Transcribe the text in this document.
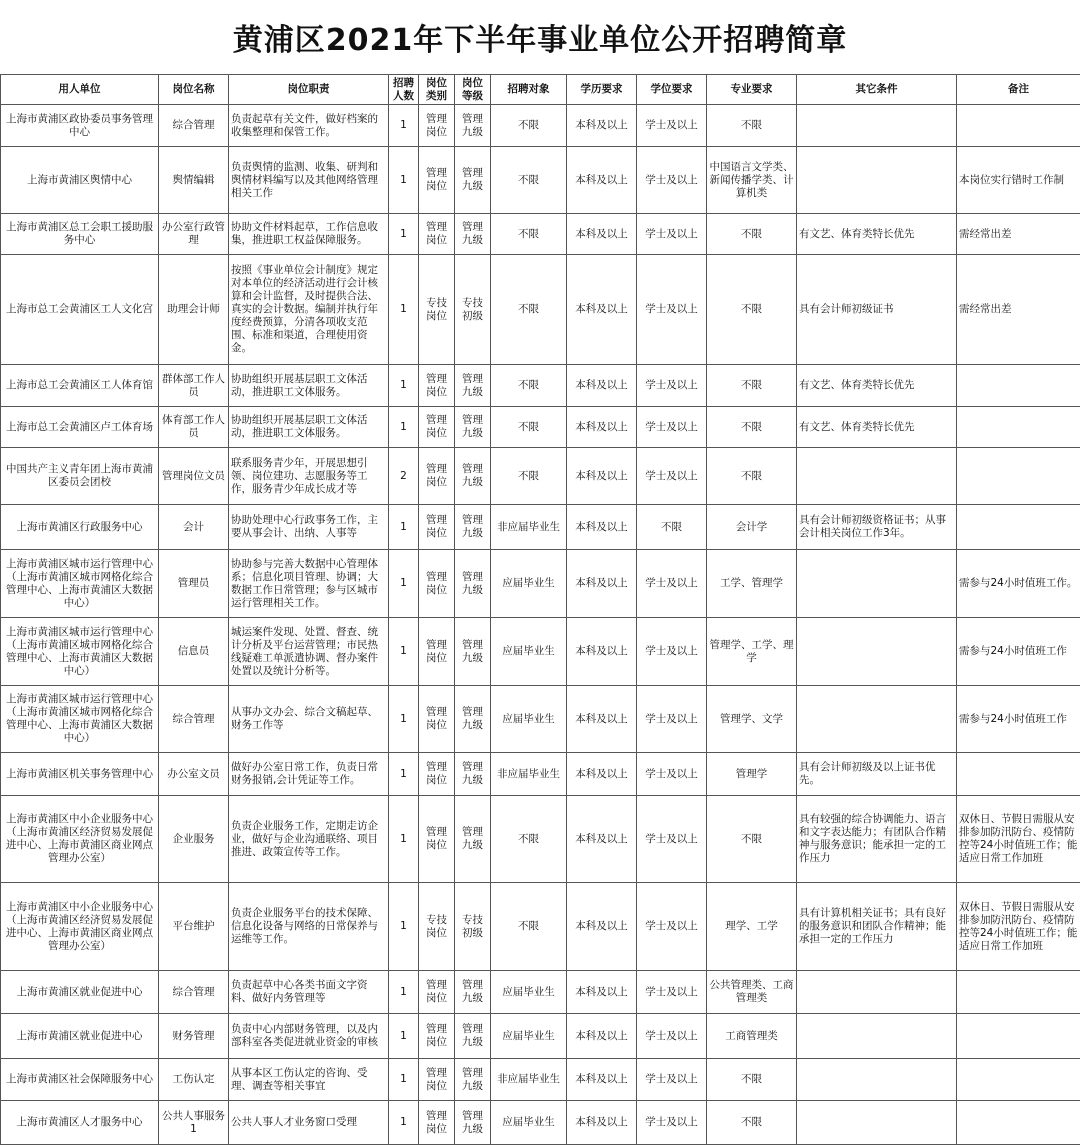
黄浦区2021年下半年事业单位公开招聘简章
用人单位	岗位名称	岗位职责	招聘人数	岗位类别	岗位等级	招聘对象	学历要求	学位要求	专业要求	其它条件	备注
上海市黄浦区政协委员事务管理中心	综合管理	负责起草有关文件，做好档案的收集整理和保管工作。	1	管理岗位	管理九级	不限	本科及以上	学士及以上	不限		
上海市黄浦区舆情中心	舆情编辑	负责舆情的监测、收集、研判和舆情材料编写以及其他网络管理相关工作	1	管理岗位	管理九级	不限	本科及以上	学士及以上	中国语言文学类、新闻传播学类、计算机类		本岗位实行错时工作制
上海市黄浦区总工会职工援助服务中心	办公室行政管理	协助文件材料起草，工作信息收集，推进职工权益保障服务。	1	管理岗位	管理九级	不限	本科及以上	学士及以上	不限	有文艺、体育类特长优先	需经常出差
上海市总工会黄浦区工人文化宫	助理会计师	按照《事业单位会计制度》规定对本单位的经济活动进行会计核算和会计监督，及时提供合法、真实的会计数据。编制并执行年度经费预算，分清各项收支范围、标准和渠道，合理使用资金。	1	专技岗位	专技初级	不限	本科及以上	学士及以上	不限	具有会计师初级证书	需经常出差
上海市总工会黄浦区工人体育馆	群体部工作人员	协助组织开展基层职工文体活动，推进职工文体服务。	1	管理岗位	管理九级	不限	本科及以上	学士及以上	不限	有文艺、体育类特长优先	
上海市总工会黄浦区卢工体育场	体育部工作人员	协助组织开展基层职工文体活动，推进职工文体服务。	1	管理岗位	管理九级	不限	本科及以上	学士及以上	不限	有文艺、体育类特长优先	
中国共产主义青年团上海市黄浦区委员会团校	管理岗位文员	联系服务青少年，开展思想引领、岗位建功、志愿服务等工作，服务青少年成长成才等	2	管理岗位	管理九级	不限	本科及以上	学士及以上	不限		
上海市黄浦区行政服务中心	会计	协助处理中心行政事务工作，主要从事会计、出纳、人事等	1	管理岗位	管理九级	非应届毕业生	本科及以上	不限	会计学	具有会计师初级资格证书；从事会计相关岗位工作3年。	
上海市黄浦区城市运行管理中心（上海市黄浦区城市网格化综合管理中心、上海市黄浦区大数据中心）	管理员	协助参与完善大数据中心管理体系；信息化项目管理、协调；大数据工作日常管理；参与区城市运行管理相关工作。	1	管理岗位	管理九级	应届毕业生	本科及以上	学士及以上	工学、管理学		需参与24小时值班工作。
上海市黄浦区城市运行管理中心（上海市黄浦区城市网格化综合管理中心、上海市黄浦区大数据中心）	信息员	城运案件发现、处置、督查、统计分析及平台运营管理；市民热线疑难工单派遣协调、督办案件处置以及统计分析等。	1	管理岗位	管理九级	应届毕业生	本科及以上	学士及以上	管理学、工学、理学		需参与24小时值班工作
上海市黄浦区城市运行管理中心（上海市黄浦区城市网格化综合管理中心、上海市黄浦区大数据中心）	综合管理	从事办文办会、综合文稿起草、财务工作等	1	管理岗位	管理九级	应届毕业生	本科及以上	学士及以上	管理学、文学		需参与24小时值班工作
上海市黄浦区机关事务管理中心	办公室文员	做好办公室日常工作，负责日常财务报销,会计凭证等工作。	1	管理岗位	管理九级	非应届毕业生	本科及以上	学士及以上	管理学	具有会计师初级及以上证书优先。	
上海市黄浦区中小企业服务中心（上海市黄浦区经济贸易发展促进中心、上海市黄浦区商业网点管理办公室）	企业服务	负责企业服务工作，定期走访企业，做好与企业沟通联络、项目推进、政策宣传等工作。	1	管理岗位	管理九级	不限	本科及以上	学士及以上	不限	具有较强的综合协调能力、语言和文字表达能力；有团队合作精神与服务意识；能承担一定的工作压力	双休日、节假日需服从安排参加防汛防台、疫情防控等24小时值班工作；能适应日常工作加班
上海市黄浦区中小企业服务中心（上海市黄浦区经济贸易发展促进中心、上海市黄浦区商业网点管理办公室）	平台维护	负责企业服务平台的技术保障、信息化设备与网络的日常保养与运维等工作。	1	专技岗位	专技初级	不限	本科及以上	学士及以上	理学、工学	具有计算机相关证书；具有良好的服务意识和团队合作精神；能承担一定的工作压力	双休日、节假日需服从安排参加防汛防台、疫情防控等24小时值班工作；能适应日常工作加班
上海市黄浦区就业促进中心	综合管理	负责起草中心各类书面文字资料、做好内务管理等	1	管理岗位	管理九级	应届毕业生	本科及以上	学士及以上	公共管理类、工商管理类		
上海市黄浦区就业促进中心	财务管理	负责中心内部财务管理，以及内部科室各类促进就业资金的审核	1	管理岗位	管理九级	应届毕业生	本科及以上	学士及以上	工商管理类		
上海市黄浦区社会保障服务中心	工伤认定	从事本区工伤认定的咨询、受理、调查等相关事宜	1	管理岗位	管理九级	非应届毕业生	本科及以上	学士及以上	不限		
上海市黄浦区人才服务中心	公共人事服务1	公共人事人才业务窗口受理	1	管理岗位	管理九级	应届毕业生	本科及以上	学士及以上	不限		
